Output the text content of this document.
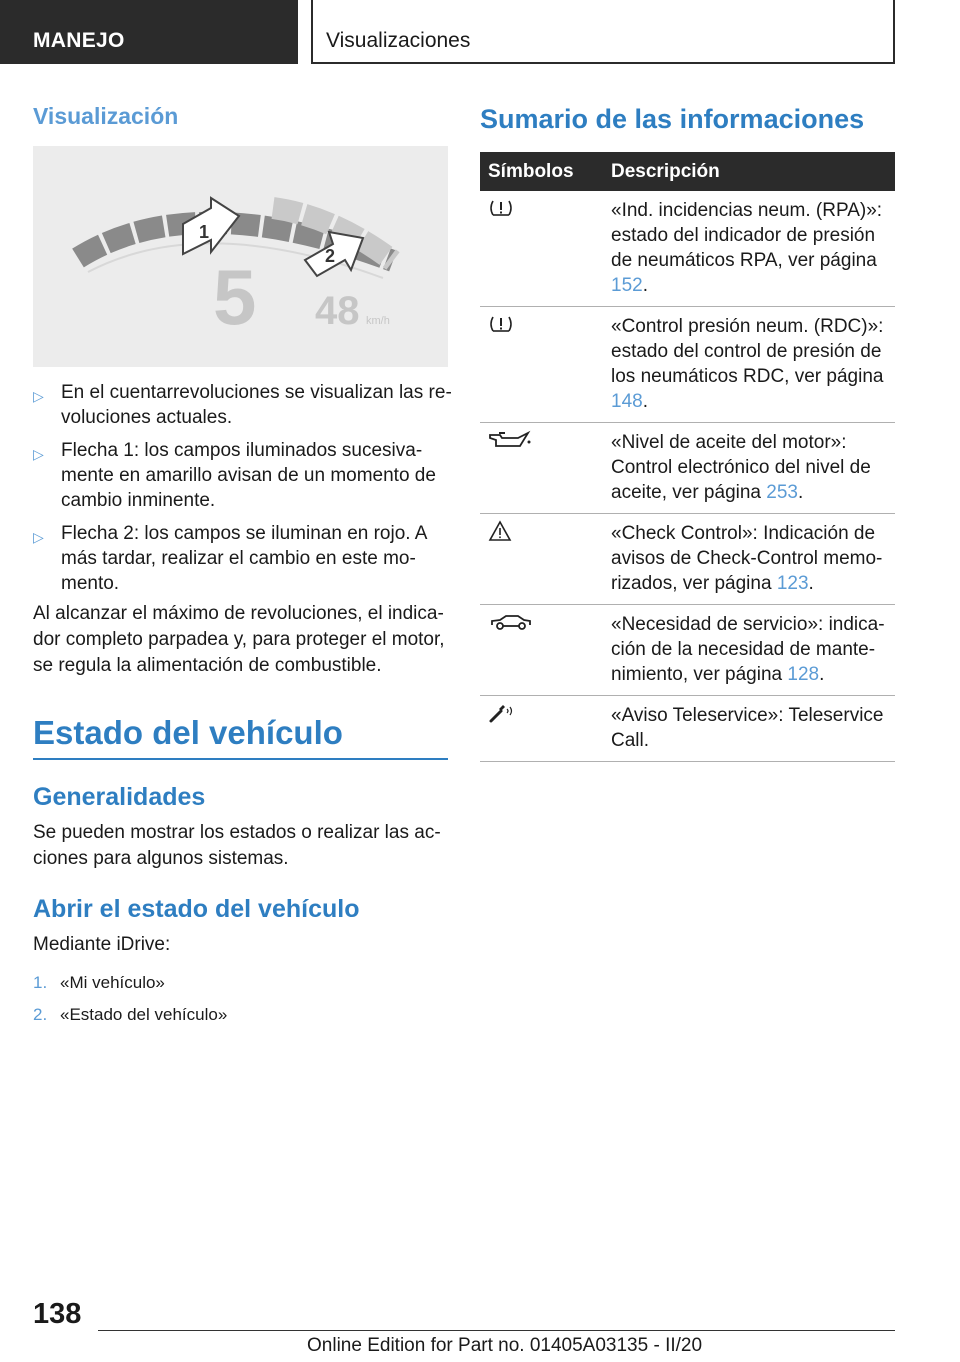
MANEJO	Visualizaciones
Visualización
1
2
5 48 km/h
▷ En el cuentarrevoluciones se visualizan las revoluciones actuales.
▷ Flecha 1: los campos iluminados sucesivamente en amarillo avisan de un momento de cambio inminente.
▷ Flecha 2: los campos se iluminan en rojo. A más tardar, realizar el cambio en este momento.

Al alcanzar el máximo de revoluciones, el indicador completo parpadea y, para proteger el motor, se regula la alimentación de combustible.

Estado del vehículo
Generalidades

Se pueden mostrar los estados o realizar las acciones para algunos sistemas.

Abrir el estado del vehículo

Mediante iDrive:

1. «Mi vehículo»
2. «Estado del vehículo»
Sumario de las informaciones
Símbolos	Descripción
	«Ind. incidencias neum. (RPA)»: estado del indicador de presión de neumáticos RPA, ver página 152.
	«Control presión neum. (RDC)»: estado del control de presión de los neumáticos RDC, ver página 148.
	«Nivel de aceite del motor»: Control electrónico del nivel de aceite, ver página 253.
	«Check Control»: Indicación de avisos de Check-Control memorizados, ver página 123.
	«Necesidad de servicio»: indicación de la necesidad de mantenimiento, ver página 128.
	«Aviso Teleservice»: Teleservice Call.
138
Online Edition for Part no. 01405A03135 - II/20
